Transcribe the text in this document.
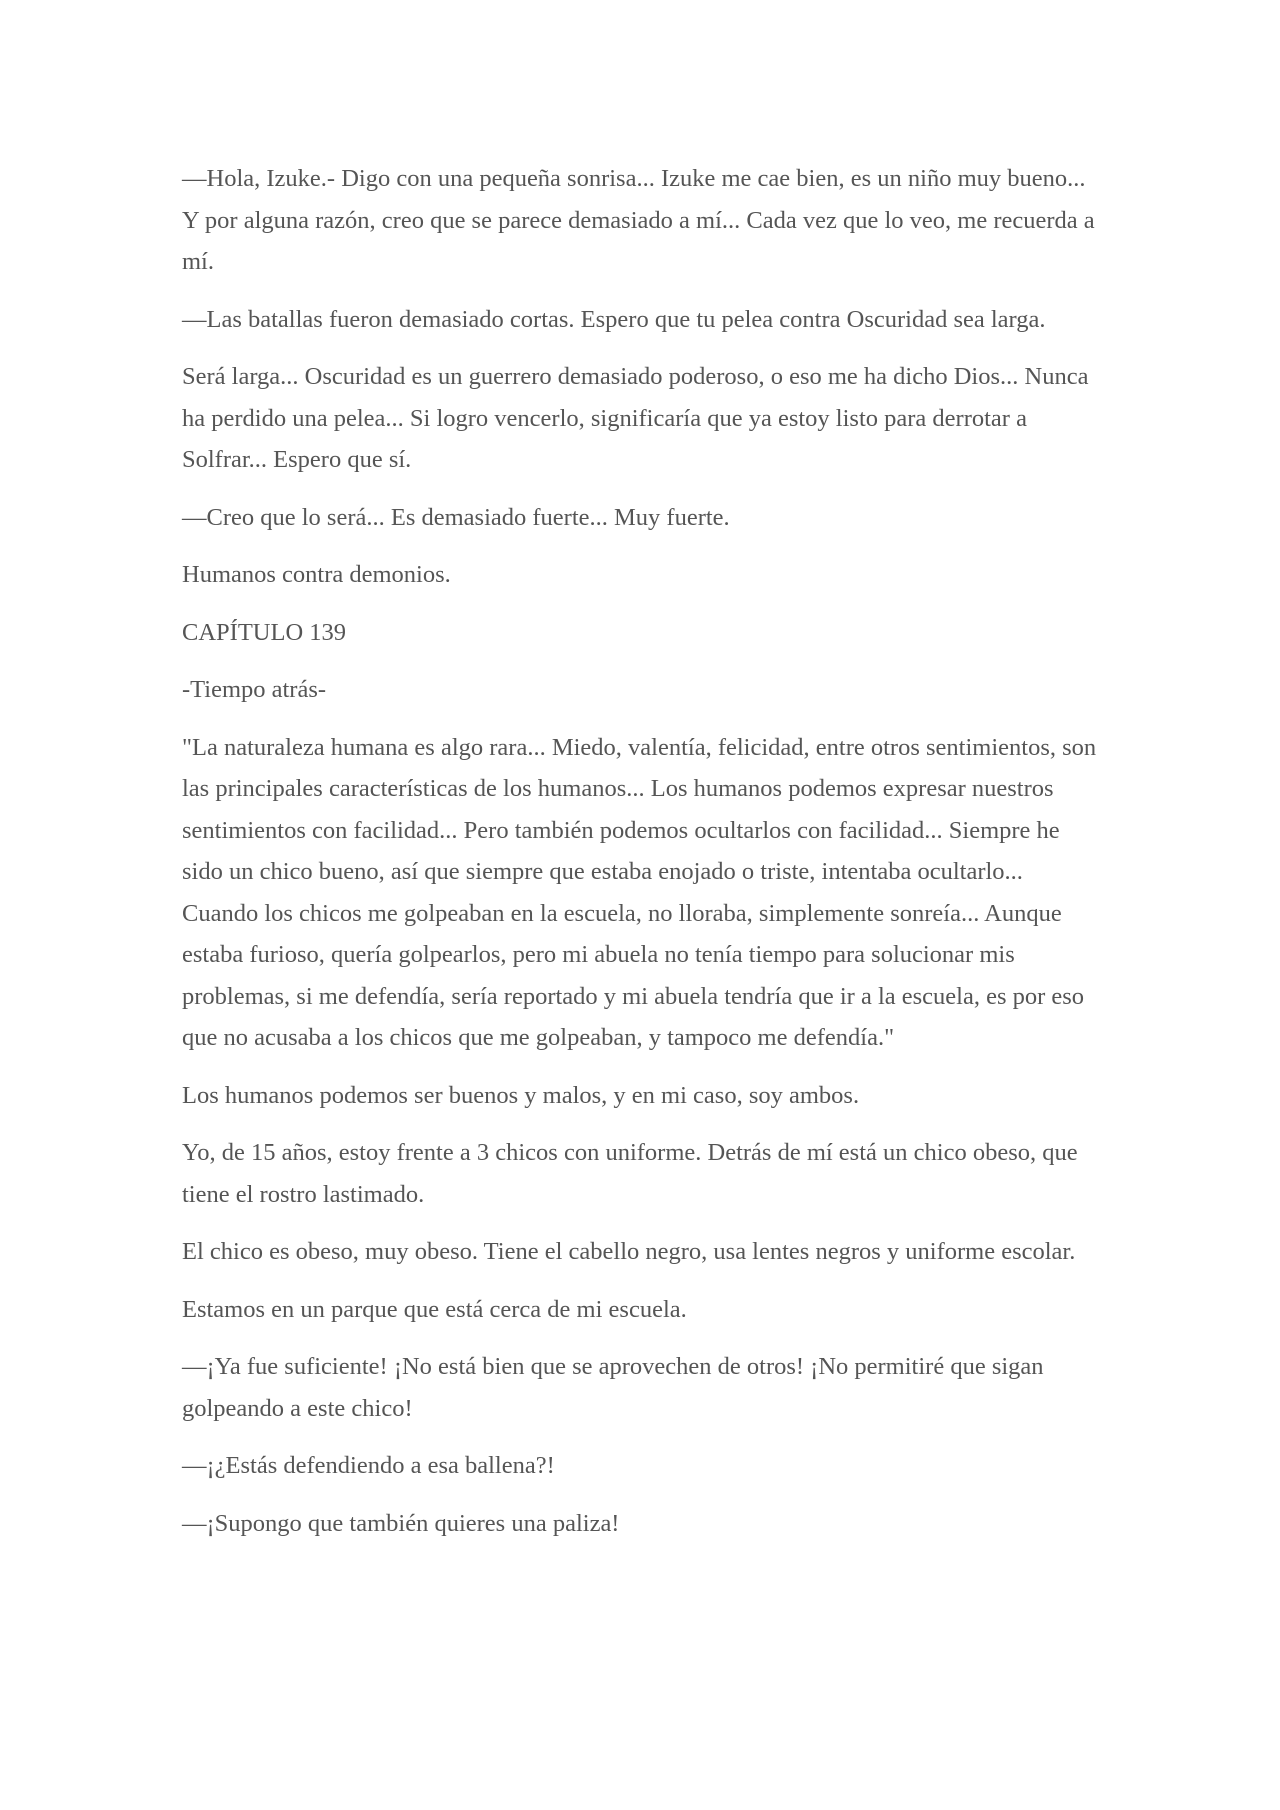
—Hola, Izuke.- Digo con una pequeña sonrisa... Izuke me cae bien, es un niño muy bueno... Y por alguna razón, creo que se parece demasiado a mí... Cada vez que lo veo, me recuerda a mí.

—Las batallas fueron demasiado cortas. Espero que tu pelea contra Oscuridad sea larga.

Será larga... Oscuridad es un guerrero demasiado poderoso, o eso me ha dicho Dios... Nunca ha perdido una pelea... Si logro vencerlo, significaría que ya estoy listo para derrotar a Solfrar... Espero que sí.

—Creo que lo será... Es demasiado fuerte... Muy fuerte.

Humanos contra demonios.

CAPÍTULO 139

-Tiempo atrás-

"La naturaleza humana es algo rara... Miedo, valentía, felicidad, entre otros sentimientos, son las principales características de los humanos... Los humanos podemos expresar nuestros sentimientos con facilidad... Pero también podemos ocultarlos con facilidad... Siempre he sido un chico bueno, así que siempre que estaba enojado o triste, intentaba ocultarlo... Cuando los chicos me golpeaban en la escuela, no lloraba, simplemente sonreía... Aunque estaba furioso, quería golpearlos, pero mi abuela no tenía tiempo para solucionar mis problemas, si me defendía, sería reportado y mi abuela tendría que ir a la escuela, es por eso que no acusaba a los chicos que me golpeaban, y tampoco me defendía."

Los humanos podemos ser buenos y malos, y en mi caso, soy ambos.

Yo, de 15 años, estoy frente a 3 chicos con uniforme. Detrás de mí está un chico obeso, que tiene el rostro lastimado.

El chico es obeso, muy obeso. Tiene el cabello negro, usa lentes negros y uniforme escolar.

Estamos en un parque que está cerca de mi escuela.

—¡Ya fue suficiente! ¡No está bien que se aprovechen de otros! ¡No permitiré que sigan golpeando a este chico!

—¡¿Estás defendiendo a esa ballena?!

—¡Supongo que también quieres una paliza!
